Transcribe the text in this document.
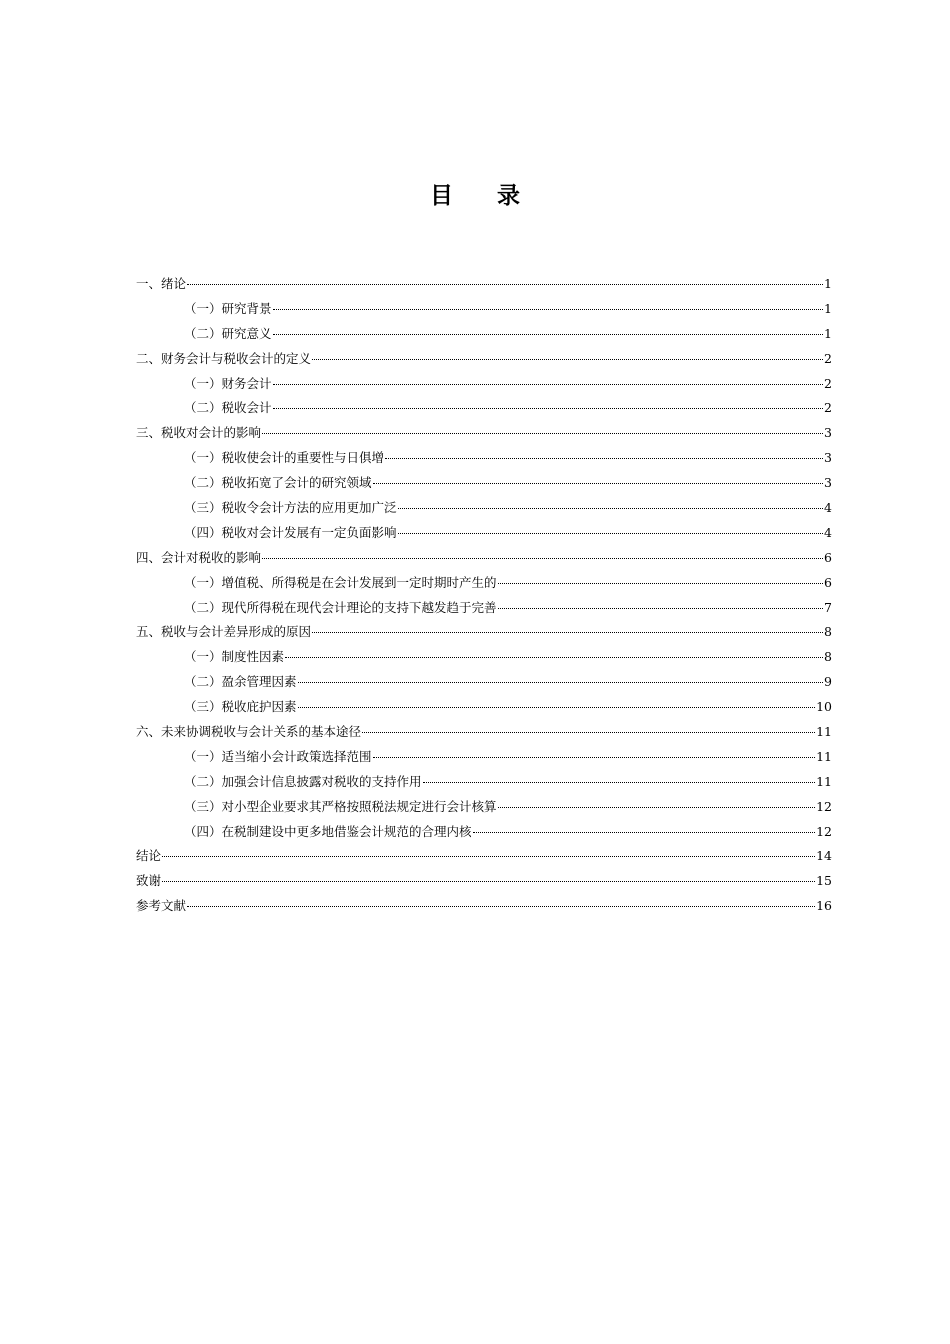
目 录
一、绪论	1
（一）研究背景	1
（二）研究意义	1
二、财务会计与税收会计的定义	2
（一）财务会计	2
（二）税收会计	2
三、税收对会计的影响	3
（一）税收使会计的重要性与日俱增	3
（二）税收拓宽了会计的研究领域	3
（三）税收令会计方法的应用更加广泛	4
（四）税收对会计发展有一定负面影响	4
四、会计对税收的影响	6
（一）增值税、所得税是在会计发展到一定时期时产生的	6
（二）现代所得税在现代会计理论的支持下越发趋于完善	7
五、税收与会计差异形成的原因	8
（一）制度性因素	8
（二）盈余管理因素	9
（三）税收庇护因素	10
六、未来协调税收与会计关系的基本途径	11
（一）适当缩小会计政策选择范围	11
（二）加强会计信息披露对税收的支持作用	11
（三）对小型企业要求其严格按照税法规定进行会计核算	12
（四）在税制建设中更多地借鉴会计规范的合理内核	12
结论	14
致谢	15
参考文献	16
